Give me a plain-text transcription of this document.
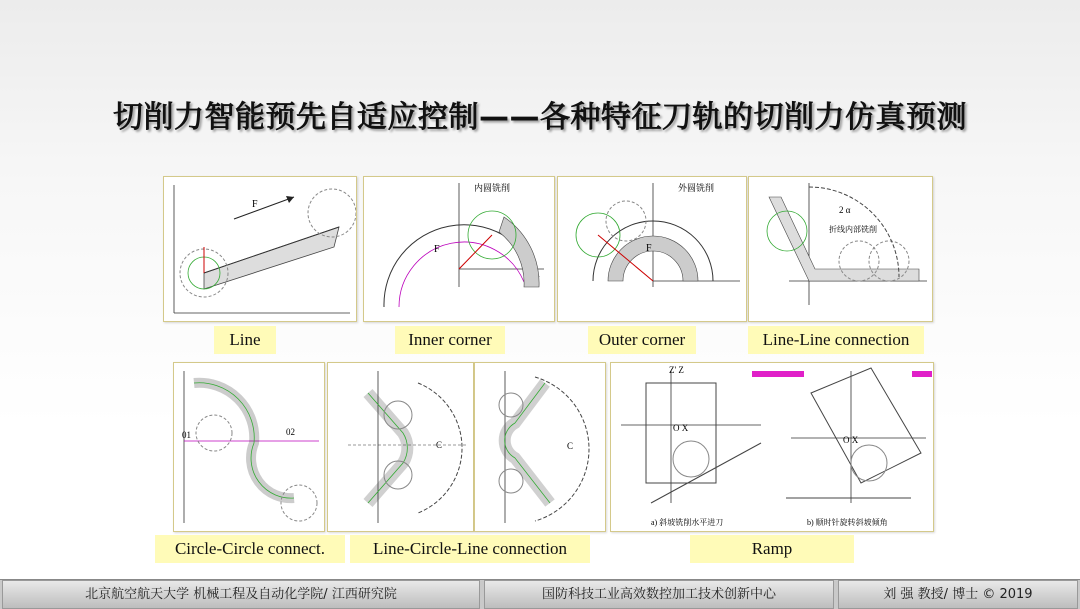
切削力智能预先自适应控制——各种特征刀轨的切削力仿真预测
F
内圆铣削
F
外圆铣削
F
折线内部铣削
2 α
Line	Inner corner	Outer corner	Line-Line connection
01	02
C	C
O X
Z' Z
a) 斜坡铣削水平进刀
O X
b) 顺时针旋转斜坡倾角
Circle-Circle connect.	Line-Circle-Line connection	Ramp
北京航空航天大学 机械工程及自动化学院/ 江西研究院	国防科技工业高效数控加工技术创新中心	刘 强 教授/ 博士 © 2019
